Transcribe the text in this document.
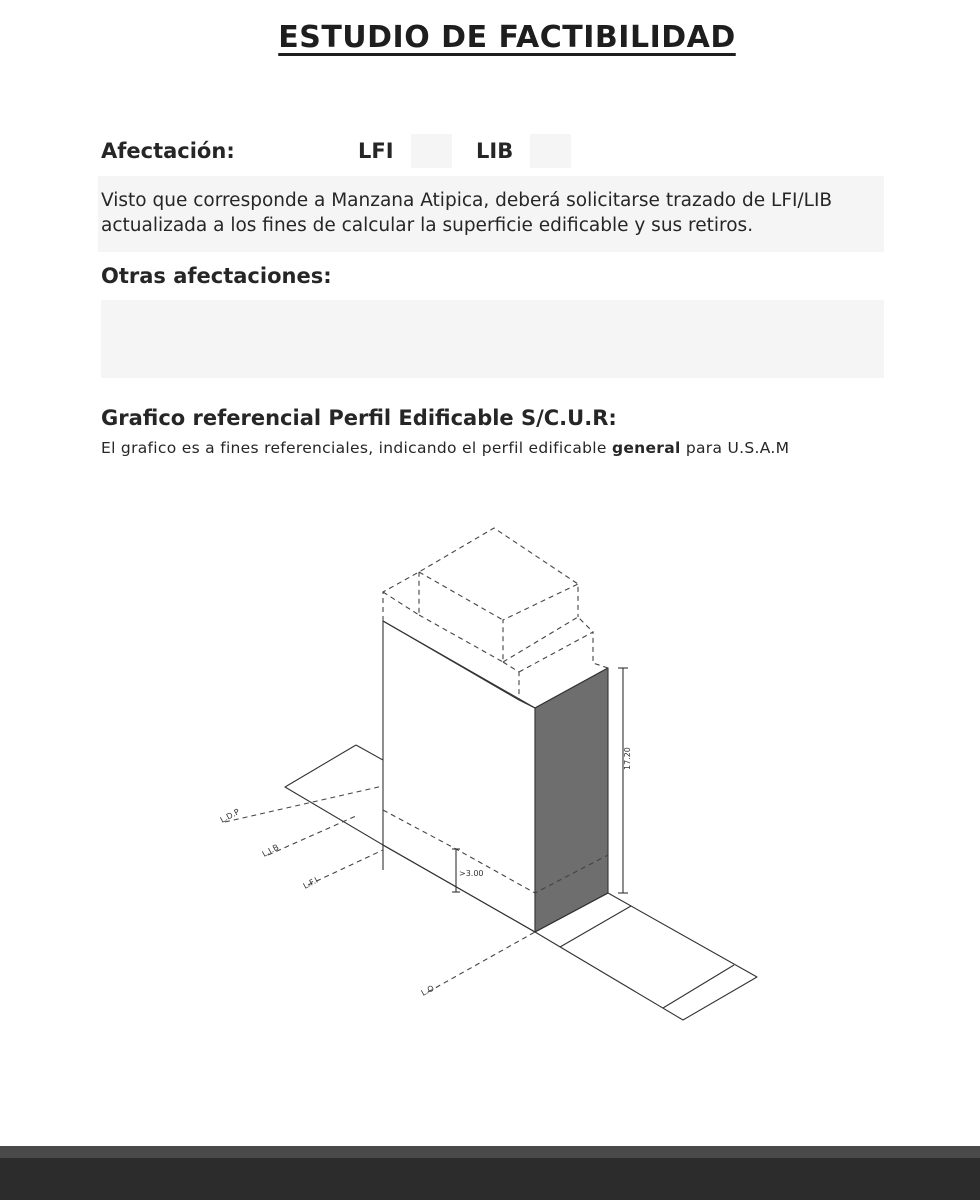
ESTUDIO DE FACTIBILIDAD
Afectación:	LFI	LIB
Visto que corresponde a Manzana Atipica, deberá solicitarse trazado de LFI/LIB actualizada a los fines de calcular la superficie edificable y sus retiros.
Otras afectaciones:
Grafico referencial Perfil Edificable S/C.U.R:
El grafico es a fines referenciales, indicando el perfil edificable general para U.S.A.M
L.D.P
L.I.B
L.F.I
L.O
>3.00
17.20
